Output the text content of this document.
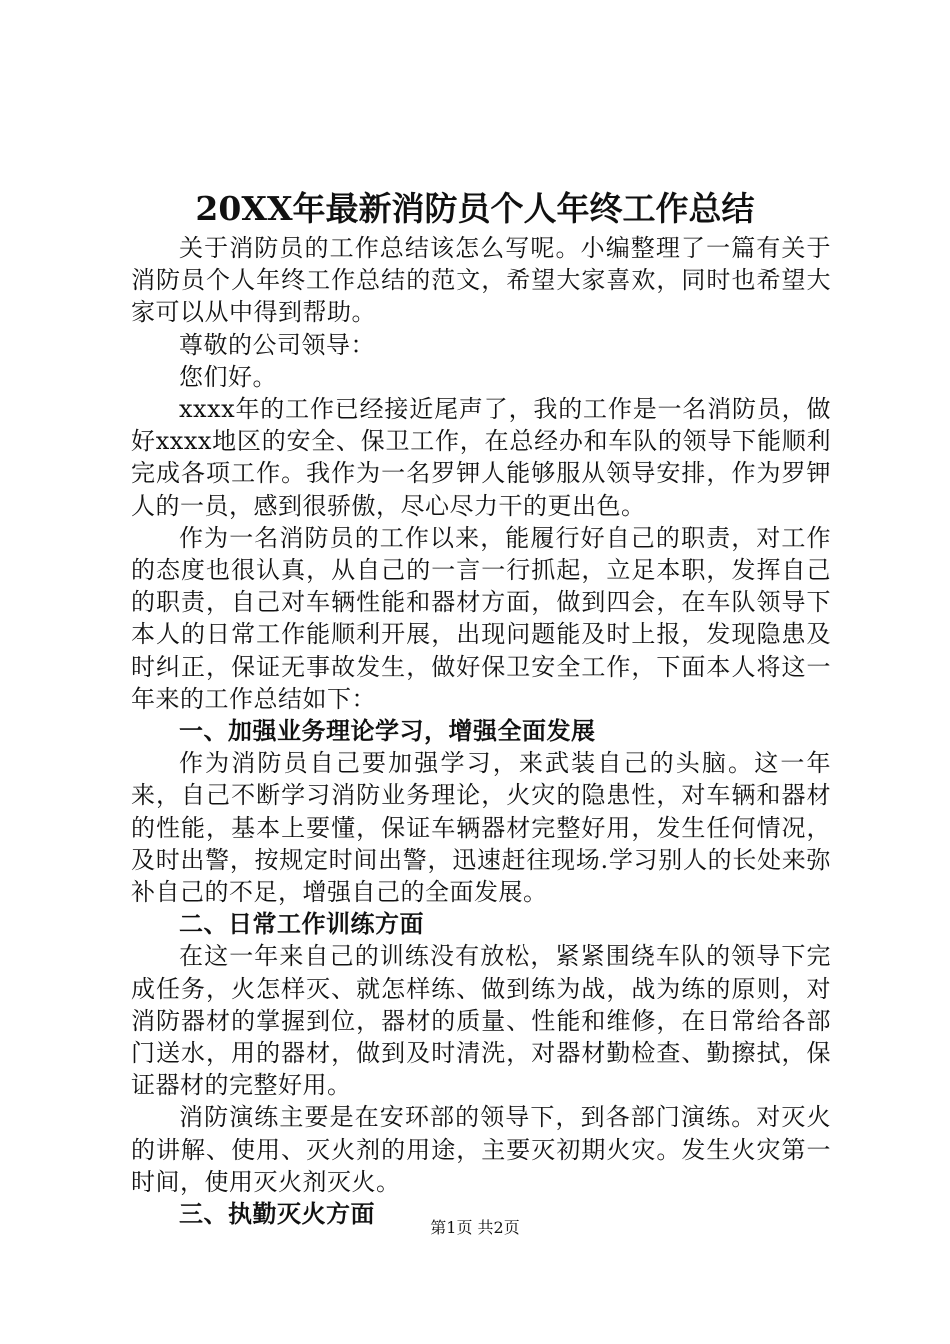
20XX年最新消防员个人年终工作总结

关于消防员的工作总结该怎么写呢。小编整理了一篇有关于消防员个人年终工作总结的范文，希望大家喜欢，同时也希望大家可以从中得到帮助。

尊敬的公司领导：

您们好。

xxxx年的工作已经接近尾声了，我的工作是一名消防员，做好xxxx地区的安全、保卫工作，在总经办和车队的领导下能顺利完成各项工作。我作为一名罗钾人能够服从领导安排，作为罗钾人的一员，感到很骄傲，尽心尽力干的更出色。

作为一名消防员的工作以来，能履行好自己的职责，对工作的态度也很认真，从自己的一言一行抓起，立足本职，发挥自己的职责，自己对车辆性能和器材方面，做到四会，在车队领导下本人的日常工作能顺利开展，出现问题能及时上报，发现隐患及时纠正，保证无事故发生，做好保卫安全工作，下面本人将这一年来的工作总结如下：

一、加强业务理论学习，增强全面发展

作为消防员自己要加强学习，来武装自己的头脑。这一年来，自己不断学习消防业务理论，火灾的隐患性，对车辆和器材的性能，基本上要懂，保证车辆器材完整好用，发生任何情况，及时出警，按规定时间出警，迅速赶往现场.学习别人的长处来弥补自己的不足，增强自己的全面发展。

二、日常工作训练方面

在这一年来自己的训练没有放松，紧紧围绕车队的领导下完成任务，火怎样灭、就怎样练、做到练为战，战为练的原则，对消防器材的掌握到位，器材的质量、性能和维修，在日常给各部门送水，用的器材，做到及时清洗，对器材勤检查、勤擦拭，保证器材的完整好用。

消防演练主要是在安环部的领导下，到各部门演练。对灭火的讲解、使用、灭火剂的用途，主要灭初期火灾。发生火灾第一时间，使用灭火剂灭火。

三、执勤灭火方面	第1页 共2页
